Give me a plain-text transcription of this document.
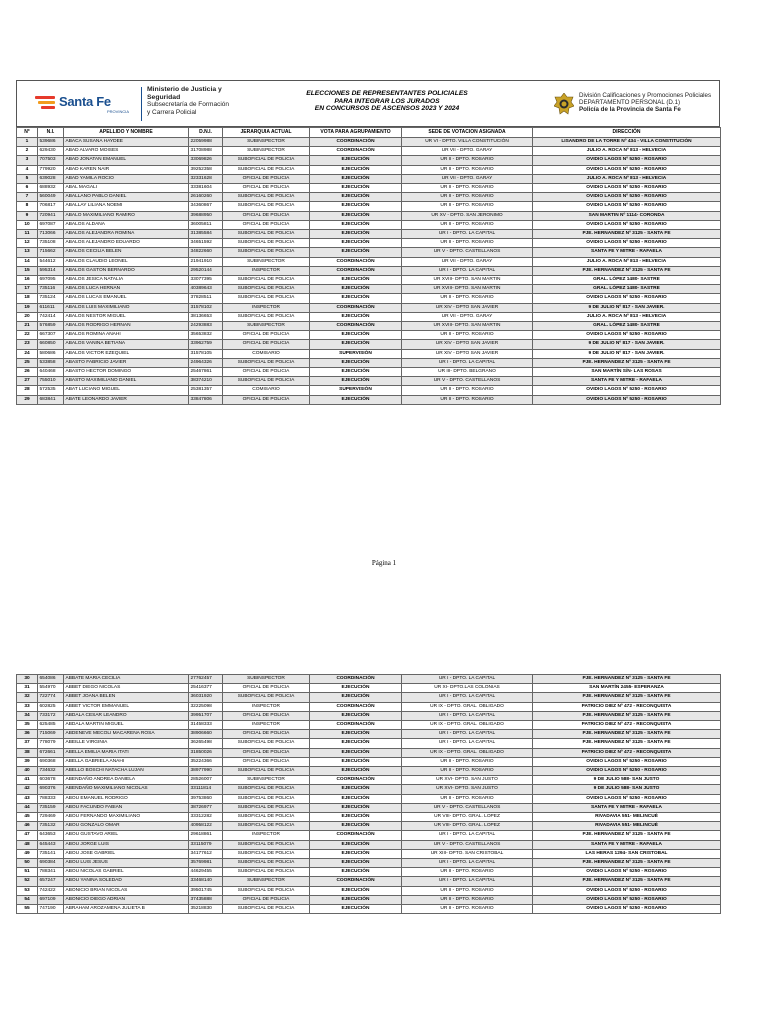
Santa Fe
PROVINCIA
Ministerio de Justicia y
Seguridad
Subsecretaría de Formación
y Carrera Policial
ELECCIONES DE REPRESENTANTES POLICIALES
PARA INTEGRAR LOS JURADOS
EN CONCURSOS DE ASCENSOS 2023 Y 2024
División Calificaciones y Promociones Policiales
DEPARTAMENTO PERSONAL (D.1)
Policía de la Provincia de Santa Fe
N°	N.I.	APELLIDO Y NOMBRE	D.N.I.	JERARQUIA ACTUAL	VOTA PARA AGRUPAMIENTO	SEDE DE VOTACION ASIGNADA	DIRECCIÓN
1	539686	ABACA SUSANA HAYDEE	22059988	SUBINSPECTOR	COORDINACIÓN	UR VI - DPTO. VILLA CONSTITUCIÓN	LISANDRO DE LA TORRE Nº 434 - VILLA CONSTITUCIÓN
2	629430	ABAD ALVARO MOISES	31708988	SUBINSPECTOR	COORDINACIÓN	UR VII - DPTO. GARAY	JULIO A. ROCA Nº 813 - HELVECIA
3	707503	ABAD JONATAN EMANUEL	33069826	SUBOFICIAL DE POLICIA	EJECUCIÓN	UR II - DPTO. ROSARIO	OVIDIO LAGOS Nº 5250 - ROSARIO
4	779920	ABAD KAREN NAIR	39252358	SUBOFICIAL DE POLICIA	EJECUCIÓN	UR II - DPTO. ROSARIO	OVIDIO LAGOS Nº 5250 - ROSARIO
5	639028	ABAD YAMILA ROCIO	32331628	OFICIAL DE POLICIA	EJECUCIÓN	UR VII - DPTO. GARAY	JULIO A. ROCA Nº 813 - HELVECIA
6	688932	ABAL MAGALI	33381604	OFICIAL DE POLICIA	EJECUCIÓN	UR II - DPTO. ROSARIO	OVIDIO LAGOS Nº 5250 - ROSARIO
7	560049	ABALLANO PABLO DANIEL	26160260	SUBOFICIAL DE POLICIA	EJECUCIÓN	UR II - DPTO. ROSARIO	OVIDIO LAGOS Nº 5250 - ROSARIO
8	706817	ABALLAY LILIANA NOEMI	34360867	SUBOFICIAL DE POLICIA	EJECUCIÓN	UR II - DPTO. ROSARIO	OVIDIO LAGOS Nº 5250 - ROSARIO
9	720941	ABALO MAXIMILIANO RAMIRO	39688950	OFICIAL DE POLICIA	EJECUCIÓN	UR XV - DPTO. SAN JERONIMO	SAN MARTIN Nº 1114- CORONDA
10	697087	ABALOS ALDANA	36005811	OFICIAL DE POLICIA	EJECUCIÓN	UR II - DPTO. ROSARIO	OVIDIO LAGOS Nº 5250 - ROSARIO
11	713066	ABALOS ALEJANDRA ROMINA	31385584	SUBOFICIAL DE POLICIA	EJECUCIÓN	UR I - DPTO. LA CAPITAL	PJE. HERNANDEZ Nº 3125 - SANTA FE
12	735108	ABALOS ALEJANDRO EDUARDO	34651592	SUBOFICIAL DE POLICIA	EJECUCIÓN	UR II - DPTO. ROSARIO	OVIDIO LAGOS Nº 5250 - ROSARIO
13	715662	ABALOS CECILIA BELEN	34822660	SUBOFICIAL DE POLICIA	EJECUCIÓN	UR V - DPTO. CASTELLANOS	SANTA FE Y MITRE - RAFAELA
14	544612	ABALOS CLAUDIO LEONEL	21941910	SUBINSPECTOR	COORDINACIÓN	UR VII - DPTO. GARAY	JULIO A. ROCA Nº 813 - HELVECIA
15	595314	ABALOS GASTON BERNARDO	29520144	INSPECTOR	COORDINACIÓN	UR I - DPTO. LA CAPITAL	PJE. HERNANDEZ Nº 3125 - SANTA FE
16	697095	ABALOS JESICA NATALIA	33077395	SUBOFICIAL DE POLICIA	EJECUCIÓN	UR XVIII- DPTO. SAN MARTIN	GRAL. LÓPEZ 1480- SASTRE
17	735116	ABALOS LUCA HERNAN	40389643	SUBOFICIAL DE POLICIA	EJECUCIÓN	UR XVIII- DPTO. SAN MARTIN	GRAL. LÓPEZ 1480- SASTRE
18	735124	ABALOS LUCAS EMANUEL	37828511	SUBOFICIAL DE POLICIA	EJECUCIÓN	UR II - DPTO. ROSARIO	OVIDIO LAGOS Nº 5250 - ROSARIO
19	611611	ABALOS LUIS MAXIMILIANO	31578102	INSPECTOR	COORDINACIÓN	UR XIV - DPTO SAN JAVIER	9 DE JULIO Nº 817 - SAN JAVIER.
20	742414	ABALOS NESTOR MIGUEL	38136653	SUBOFICIAL DE POLICIA	EJECUCIÓN	UR VII - DPTO. GARAY	JULIO A. ROCA Nº 813 - HELVECIA
21	576859	ABALOS RODRIGO HERNAN	24293883	SUBINSPECTOR	COORDINACIÓN	UR XVIII- DPTO. SAN MARTIN	GRAL. LÓPEZ 1480- SASTRE
22	667307	ABALOS ROMINA ANAHI	35653832	OFICIAL DE POLICIA	EJECUCIÓN	UR II - DPTO. ROSARIO	OVIDIO LAGOS Nº 5250 - ROSARIO
23	660850	ABALOS VANINA BETIANA	33962759	OFICIAL DE POLICIA	EJECUCIÓN	UR XIV - DPTO SAN JAVIER	9 DE JULIO Nº 817 - SAN JAVIER.
24	580686	ABALOS VICTOR EZEQUIEL	31578105	COMISARIO	SUPERVISIÓN	UR XIV - DPTO SAN JAVIER	9 DE JULIO Nº 817 - SAN JAVIER.
25	533858	ABASTO FABRICIO JAVIER	24964326	SUBOFICIAL DE POLICIA	EJECUCIÓN	UR I - DPTO. LA CAPITAL	PJE. HERNANDEZ Nº 3125 - SANTA FE
26	640468	ABASTO HECTOR DOMINGO	25467861	OFICIAL DE POLICIA	EJECUCIÓN	UR III- DPTO. BELGRANO	SAN MARTÍN S/N- LAS ROSAS
27	755010	ABASTO MAXIMILIANO DANIEL	38374210	SUBOFICIAL DE POLICIA	EJECUCIÓN	UR V - DPTO. CASTELLANOS	SANTA FE Y MITRE - RAFAELA
28	572535	ABAT LUCIANO MIGUEL	25381357	COMISARIO	SUPERVISIÓN	UR II - DPTO. ROSARIO	OVIDIO LAGOS Nº 5250 - ROSARIO
29	683841	ABATE LEONARDO JAVIER	33847806	OFICIAL DE POLICIA	EJECUCIÓN	UR II - DPTO. ROSARIO	OVIDIO LAGOS Nº 5250 - ROSARIO
Página 1
30	654086	ABBATE MARIA CECILIA	27762457	SUBINSPECTOR	COORDINACIÓN	UR I - DPTO. LA CAPITAL	PJE. HERNANDEZ Nº 3125 - SANTA FE
31	554970	ABBET DIEGO NICOLAS	25416377	OFICIAL DE POLICIA	EJECUCIÓN	UR XI- DPTO.LAS COLONIAS	SAN MARTÍN 2455- ESPERANZA
32	722774	ABBET JOANA BELEN	36031920	SUBOFICIAL DE POLICIA	EJECUCIÓN	UR I - DPTO. LA CAPITAL	PJE. HERNANDEZ Nº 3125 - SANTA FE
33	602825	ABBET VICTOR EMMANUEL	32225098	INSPECTOR	COORDINACIÓN	UR IX - DPTO. GRAL. OBLIGADO	PATRICIO DIEZ Nº 472 - RECONQUISTA
34	733172	ABDALA CESAR LEANDRO	39951707	OFICIAL DE POLICIA	EJECUCIÓN	UR I - DPTO. LA CAPITAL	PJE. HERNANDEZ Nº 3125 - SANTA FE
35	625485	ABDALA MARTIN MIGUEL	31458333	INSPECTOR	COORDINACIÓN	UR IX - DPTO. GRAL. OBLIGADO	PATRICIO DIEZ Nº 472 - RECONQUISTA
36	715069	ABDENEVE MECOLI MACARENA ROSA	38906660	OFICIAL DE POLICIA	EJECUCIÓN	UR I - DPTO. LA CAPITAL	PJE. HERNANDEZ Nº 3125 - SANTA FE
37	778079	ABEILLE VIRGINIA	36265498	SUBOFICIAL DE POLICIA	EJECUCIÓN	UR I - DPTO. LA CAPITAL	PJE. HERNANDEZ Nº 3125 - SANTA FE
38	672661	ABELLA EMILIA MARIA ITATI	31850026	OFICIAL DE POLICIA	EJECUCIÓN	UR IX - DPTO. GRAL. OBLIGADO	PATRICIO DIEZ Nº 472 - RECONQUISTA
39	690368	ABELLA GABRIELA ANAHI	35224366	OFICIAL DE POLICIA	EJECUCIÓN	UR II - DPTO. ROSARIO	OVIDIO LAGOS Nº 5250 - ROSARIO
40	734632	ABELLO BOSCHI NATACHA LUJAN	38977990	SUBOFICIAL DE POLICIA	EJECUCIÓN	UR II - DPTO. ROSARIO	OVIDIO LAGOS Nº 5250 - ROSARIO
41	603678	ABENDAÑO ANDREA DANIELA	28526007	SUBINSPECTOR	COORDINACIÓN	UR XVI- DPTO. SAN JUSTO	9 DE JULIO 588- SAN JUSTO
42	690376	ABENDAÑO MAXIMILIANO NICOLAS	33111814	SUBOFICIAL DE POLICIA	EJECUCIÓN	UR XVI- DPTO. SAN JUSTO	9 DE JULIO 588- SAN JUSTO
43	788333	ABOU EMANUEL RODRIGO	39753860	SUBOFICIAL DE POLICIA	EJECUCIÓN	UR II - DPTO. ROSARIO	OVIDIO LAGOS Nº 5250 - ROSARIO
44	735159	ABOU FACUNDO FABIAN	38726977	SUBOFICIAL DE POLICIA	EJECUCIÓN	UR V - DPTO. CASTELLANOS	SANTA FE Y MITRE - RAFAELA
45	729469	ABOU FERNANDO MAXIMILIANO	33312282	SUBOFICIAL DE POLICIA	EJECUCIÓN	UR VIII- DPTO. GRAL. LOPEZ	RIVADAVIA 551- MELINCUÉ
46	735132	ABOU GONZALO OMAR	40958122	SUBOFICIAL DE POLICIA	EJECUCIÓN	UR VIII- DPTO. GRAL. LOPEZ	RIVADAVIA 551- MELINCUÉ
47	643653	ABOU GUSTAVO ARIEL	29618861	INSPECTOR	COORDINACIÓN	UR I - DPTO. LA CAPITAL	PJE. HERNANDEZ Nº 3125 - SANTA FE
48	645443	ABOU JORGE LUIS	33115079	SUBOFICIAL DE POLICIA	EJECUCIÓN	UR V - DPTO. CASTELLANOS	SANTA FE Y MITRE - RAFAELA
49	735141	ABOU JOSE GABRIEL	34177612	SUBOFICIAL DE POLICIA	EJECUCIÓN	UR XIII- DPTO. SAN CRISTOBAL	LAS HERAS 1294- SAN CRISTOBAL
50	690384	ABOU LUIS JESUS	35769981	SUBOFICIAL DE POLICIA	EJECUCIÓN	UR I - DPTO. LA CAPITAL	PJE. HERNANDEZ Nº 3125 - SANTA FE
51	788341	ABOU NICOLAS GABRIEL	44629455	SUBOFICIAL DE POLICIA	EJECUCIÓN	UR II - DPTO. ROSARIO	OVIDIO LAGOS Nº 5250 - ROSARIO
52	657247	ABOU YANINA SOLEDAD	33468140	SUBINSPECTOR	COORDINACIÓN	UR I - DPTO. LA CAPITAL	PJE. HERNANDEZ Nº 3125 - SANTA FE
53	742422	ABONICIO BRIAN NICOLAS	39501745	SUBOFICIAL DE POLICIA	EJECUCIÓN	UR II - DPTO. ROSARIO	OVIDIO LAGOS Nº 5250 - ROSARIO
54	697109	ABONICIO DIEGO ADRIAN	37435888	OFICIAL DE POLICIA	EJECUCIÓN	UR II - DPTO. ROSARIO	OVIDIO LAGOS Nº 5250 - ROSARIO
55	747190	ABRAHAM AROZAMENA JULIETA B	35218830	SUBOFICIAL DE POLICIA	EJECUCIÓN	UR II - DPTO. ROSARIO	OVIDIO LAGOS Nº 5250 - ROSARIO
